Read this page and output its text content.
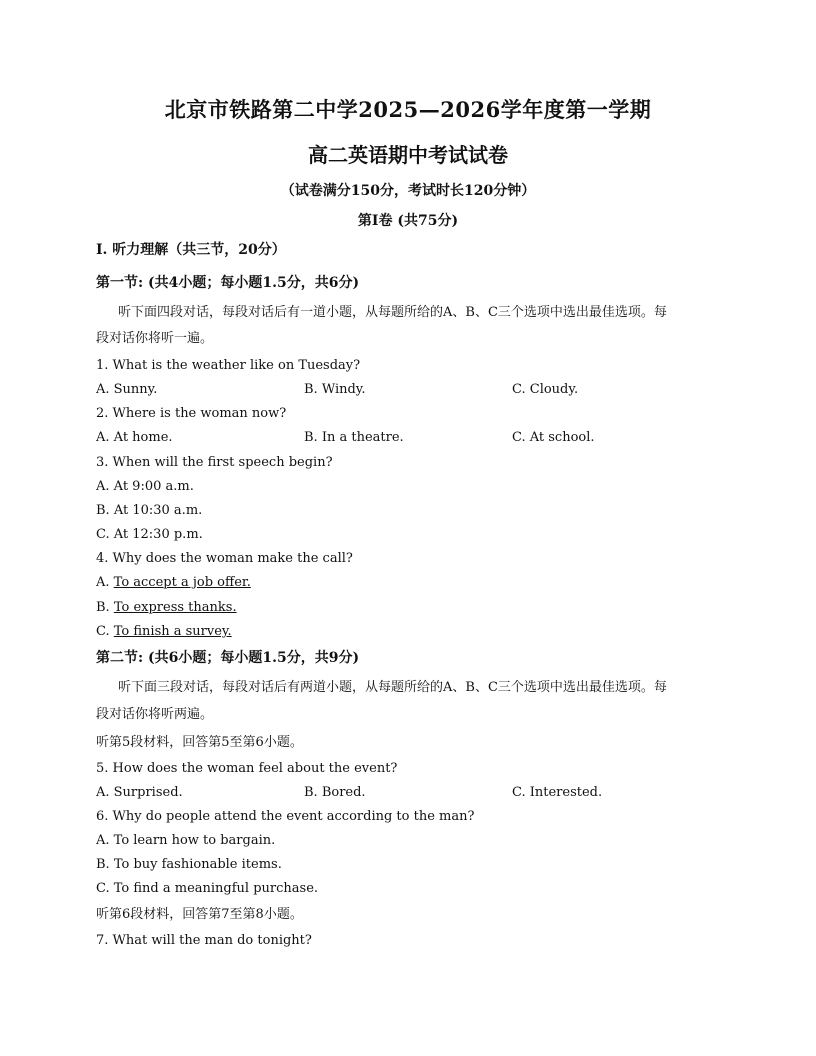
北京市铁路第二中学2025—2026学年度第一学期
高二英语期中考试试卷
（试卷满分150分，考试时长120分钟）
第Ⅰ卷 (共75分)
Ⅰ. 听力理解（共三节，20分）
第一节: (共4小题；每小题1.5分，共6分)
听下面四段对话，每段对话后有一道小题，从每题所给的A、B、C三个选项中选出最佳选项。每
段对话你将听一遍。
1. What is the weather like on Tuesday?
A. Sunny.	B. Windy.	C. Cloudy.
2. Where is the woman now?
A. At home.	B. In a theatre.	C. At school.
3. When will the first speech begin?
A. At 9:00 a.m.
B. At 10:30 a.m.
C. At 12:30 p.m.
4. Why does the woman make the call?
A. To accept a job offer.
B. To express thanks.
C. To finish a survey.
第二节: (共6小题；每小题1.5分，共9分)
听下面三段对话，每段对话后有两道小题，从每题所给的A、B、C三个选项中选出最佳选项。每
段对话你将听两遍。
听第5段材料，回答第5至第6小题。
5. How does the woman feel about the event?
A. Surprised.	B. Bored.	C. Interested.
6. Why do people attend the event according to the man?
A. To learn how to bargain.
B. To buy fashionable items.
C. To find a meaningful purchase.
听第6段材料，回答第7至第8小题。
7. What will the man do tonight?
